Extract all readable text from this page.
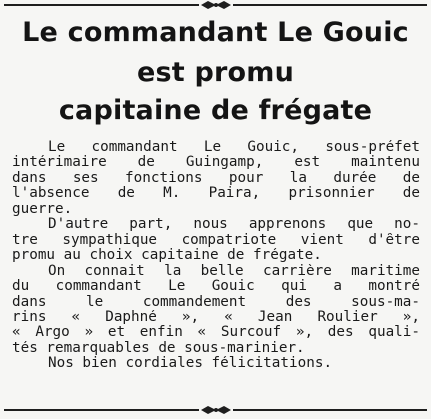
Le commandant Le Gouic
est promu
capitaine de frégate
Le commandant Le Gouic, sous-préfet
intérimaire de Guingamp, est maintenu
dans ses fonctions pour la durée de
l'absence de M. Paira, prisonnier de
guerre.
D'autre part, nous apprenons que no-
tre sympathique compatriote vient d'être
promu au choix capitaine de frégate.
On connait la belle carrière maritime
du commandant Le Gouic qui a montré
dans le commandement des sous-ma-
rins « Daphné », « Jean Roulier »,
« Argo » et enfin « Surcouf », des quali-
tés remarquables de sous-marinier.
Nos bien cordiales félicitations.
